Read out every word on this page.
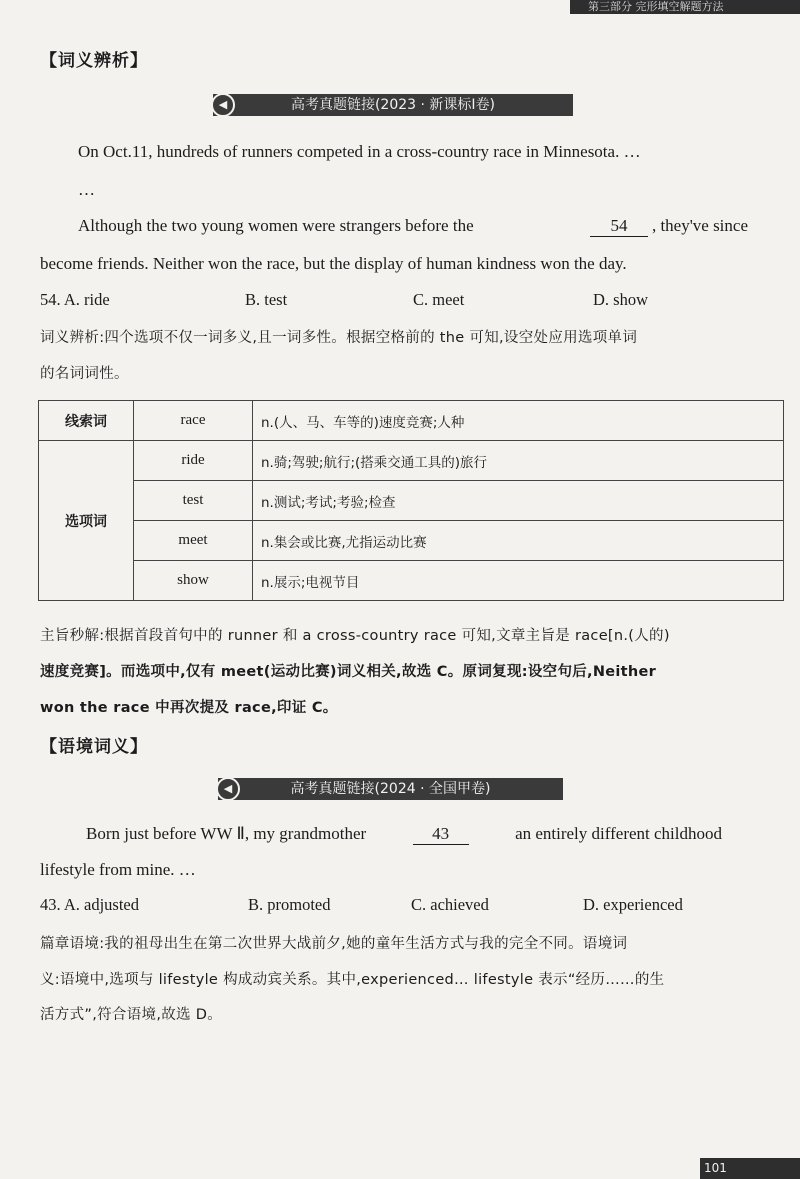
第三部分 完形填空解题方法
【词义辨析】
◀	高考真题链接(2023 · 新课标Ⅰ卷)
On Oct.11, hundreds of runners competed in a cross-country race in Minnesota. …
…
Although the two young women were strangers before the	54 , they've since
become friends. Neither won the race, but the display of human kindness won the day.
54. A. ride	B. test	C. meet	D. show
词义辨析:四个选项不仅一词多义,且一词多性。根据空格前的 the 可知,设空处应用选项单词
的名词词性。
线索词	race	n.(人、马、车等的)速度竞赛;人种
选项词	ride	n.骑;驾驶;航行;(搭乘交通工具的)旅行
	test	n.测试;考试;考验;检查
	meet	n.集会或比赛,尤指运动比赛
	show	n.展示;电视节目
主旨秒解:根据首段首句中的 runner 和 a cross-country race 可知,文章主旨是 race[n.(人的)
速度竞赛]。而选项中,仅有 meet(运动比赛)词义相关,故选 C。原词复现:设空句后,Neither
won the race 中再次提及 race,印证 C。
【语境词义】
◀	高考真题链接(2024 · 全国甲卷)
Born just before WW Ⅱ, my grandmother	43	an entirely different childhood
lifestyle from mine. …
43. A. adjusted	B. promoted	C. achieved	D. experienced
篇章语境:我的祖母出生在第二次世界大战前夕,她的童年生活方式与我的完全不同。语境词
义:语境中,选项与 lifestyle 构成动宾关系。其中,experienced… lifestyle 表示“经历……的生
活方式”,符合语境,故选 D。
101
